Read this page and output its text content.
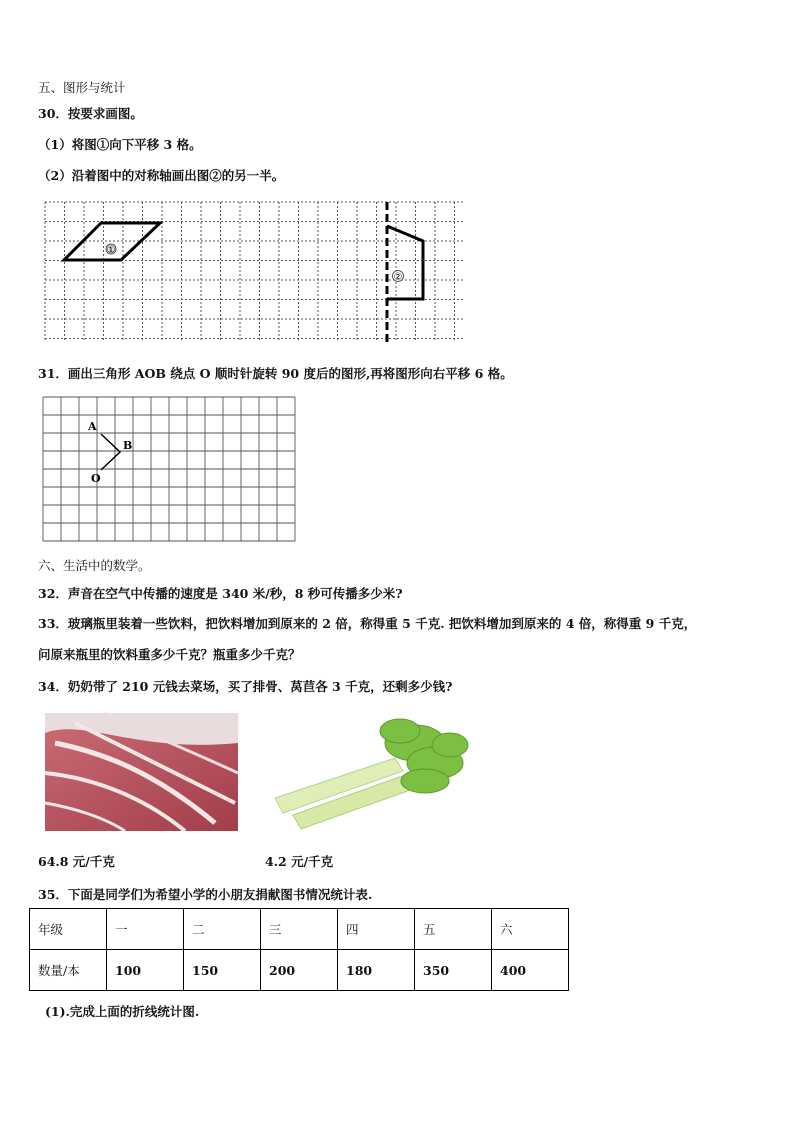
五、图形与统计
30．按要求画图。
（1）将图①向下平移 3 格。
（2）沿着图中的对称轴画出图②的另一半。
①
②
31．画出三角形 AOB 绕点 O 顺时针旋转 90 度后的图形,再将图形向右平移 6 格。
A
B
O
六、生活中的数学。
32．声音在空气中传播的速度是 340 米/秒，8 秒可传播多少米?
33．玻璃瓶里装着一些饮料，把饮料增加到原来的 2 倍，称得重 5 千克. 把饮料增加到原来的 4 倍，称得重 9 千克，
问原来瓶里的饮料重多少千克？瓶重多少千克？
34．奶奶带了 210 元钱去菜场，买了排骨、莴苣各 3 千克，还剩多少钱?
64.8 元/千克	4.2 元/千克
35．下面是同学们为希望小学的小朋友捐献图书情况统计表.
年级	一	二	三	四	五	六
数量/本	100	150	200	180	350	400
(1).完成上面的折线统计图.
